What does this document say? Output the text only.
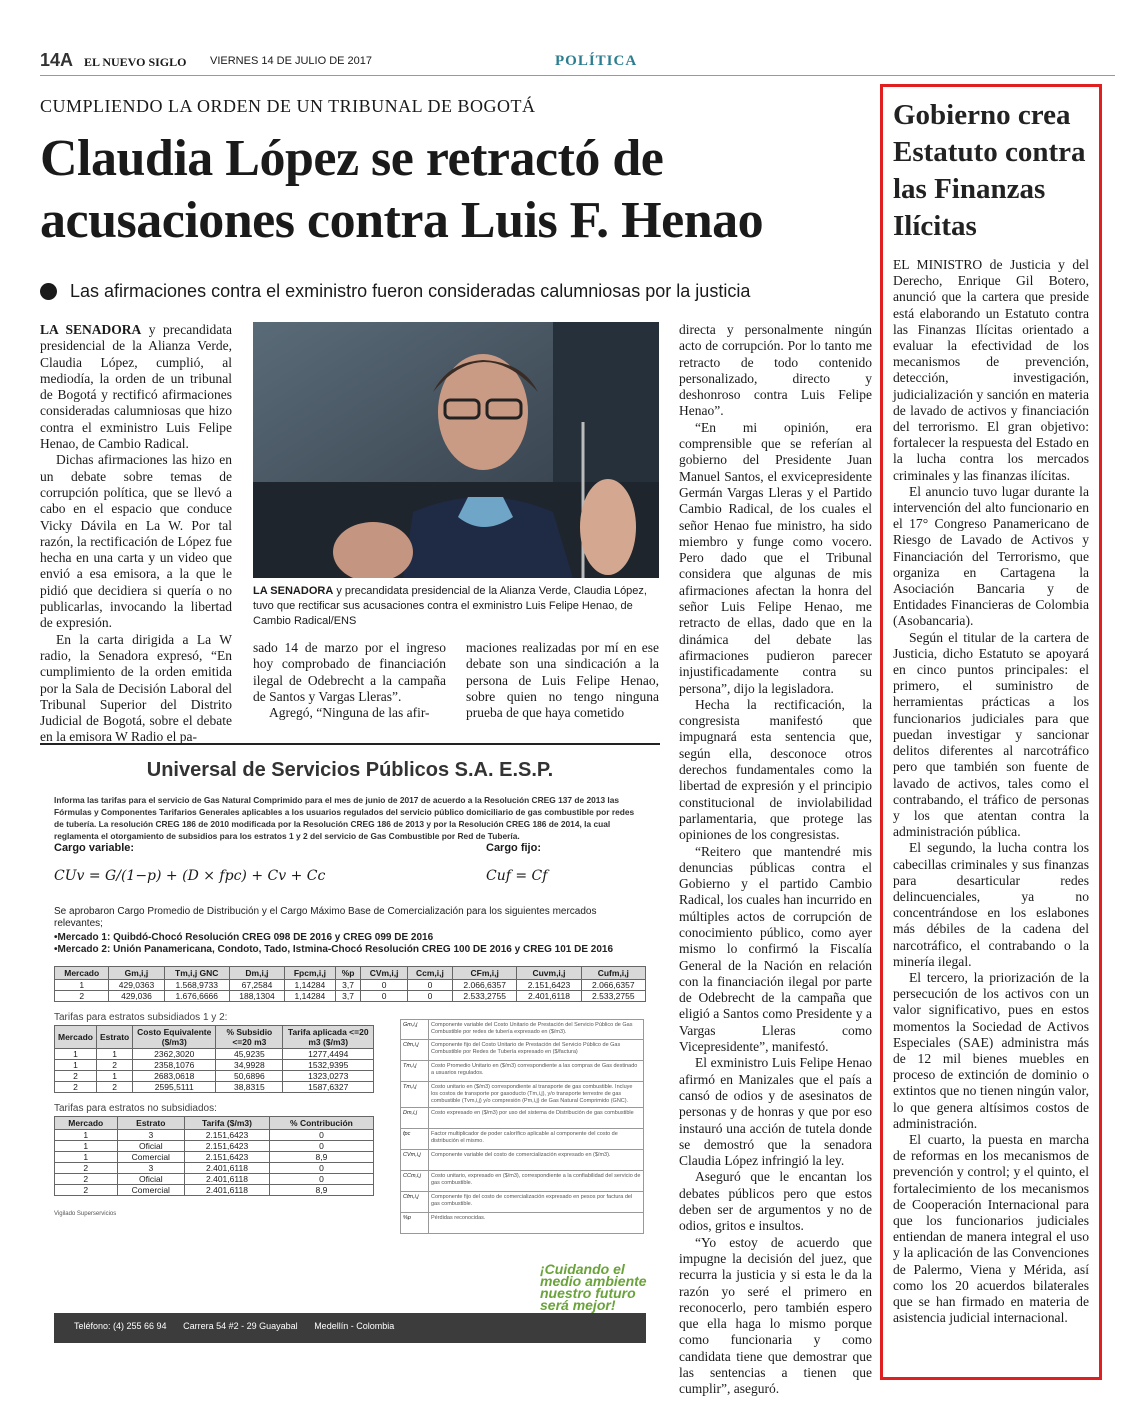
14A EL NUEVO SIGLO VIERNES 14 DE JULIO DE 2017	POLÍTICA
CUMPLIENDO LA ORDEN DE UN TRIBUNAL DE BOGOTÁ
Claudia López se retractó de
acusaciones contra Luis F. Henao
Las afirmaciones contra el exministro fueron consideradas calumniosas por la justicia

LA SENADORA y precandidata presidencial de la Alianza Verde, Claudia López, cumplió, al mediodía, la orden de un tribunal de Bogotá y rectificó afirmaciones consideradas calumniosas que hizo contra el exministro Luis Felipe Henao, de Cambio Radical.

Dichas afirmaciones las hizo en un debate sobre temas de corrupción política, que se llevó a cabo en el espacio que conduce Vicky Dávila en La W. Por tal razón, la rectificación de López fue hecha en una carta y un video que envió a esa emisora, a la que le pidió que decidiera si quería o no publicarlas, invocando la libertad de expresión.

En la carta dirigida a La W radio, la Senadora expresó, “En cumplimiento de la orden emitida por la Sala de Decisión Laboral del Tribunal Superior del Distrito Judicial de Bogotá, sobre el debate en la emisora W Radio el pa-

LA SENADORA y precandidata presidencial de la Alianza Verde, Claudia López, tuvo que rectificar sus acusaciones contra el exministro Luis Felipe Henao, de Cambio Radical/ENS

sado 14 de marzo por el ingreso hoy comprobado de financiación ilegal de Odebrecht a la campaña de Santos y Vargas Lleras”.

Agregó, “Ninguna de las afir-

maciones realizadas por mí en ese debate son una sindicación a la persona de Luis Felipe Henao, sobre quien no tengo ninguna prueba de que haya cometido

directa y personalmente ningún acto de corrupción. Por lo tanto me retracto de todo contenido personalizado, directo y deshonroso contra Luis Felipe Henao”.

“En mi opinión, era comprensible que se referían al gobierno del Presidente Juan Manuel Santos, el exvicepresidente Germán Vargas Lleras y el Partido Cambio Radical, de los cuales el señor Henao fue ministro, ha sido miembro y funge como vocero. Pero dado que el Tribunal considera que algunas de mis afirmaciones afectan la honra del señor Luis Felipe Henao, me retracto de ellas, dado que en la dinámica del debate las afirmaciones pudieron parecer injustificadamente contra su persona”, dijo la legisladora.

Hecha la rectificación, la congresista manifestó que impugnará esta sentencia que, según ella, desconoce otros derechos fundamentales como la libertad de expresión y el principio constitucional de inviolabilidad parlamentaria, que protege las opiniones de los congresistas.

“Reitero que mantendré mis denuncias públicas contra el Gobierno y el partido Cambio Radical, los cuales han incurrido en múltiples actos de corrupción de conocimiento público, como ayer mismo lo confirmó la Fiscalía General de la Nación en relación con la financiación ilegal por parte de Odebrecht de la campaña que eligió a Santos como Presidente y a Vargas Lleras como Vicepresidente”, manifestó.

El exministro Luis Felipe Henao afirmó en Manizales que el país a cansó de odios y de asesinatos de personas y de honras y que por eso instauró una acción de tutela donde se demostró que la senadora Claudia López infringió la ley.

Aseguró que le encantan los debates públicos pero que estos deben ser de argumentos y no de odios, gritos e insultos.

“Yo estoy de acuerdo que impugne la decisión del juez, que recurra la justicia y si esta le da la razón yo seré el primero en reconocerlo, pero también espero que ella haga lo mismo porque como funcionaria y como candidata tiene que demostrar que las sentencias a tienen que cumplir”, aseguró.

Universal de Servicios Públicos S.A. E.S.P.
Informa las tarifas para el servicio de Gas Natural Comprimido para el mes de junio de 2017 de acuerdo a la Resolución CREG 137 de 2013 las Fórmulas y Componentes Tarifarios Generales aplicables a los usuarios regulados del servicio público domiciliario de gas combustible por redes de tubería. La resolución CREG 186 de 2010 modificada por la Resolución CREG 186 de 2013 y por la Resolución CREG 186 de 2014, la cual reglamenta el otorgamiento de subsidios para los estratos 1 y 2 del servicio de Gas Combustible por Red de Tubería.
Cargo variable:	Cargo fijo:
CUv = G/(1−p) + (D × fpc) + Cv + Cc	Cuf = Cf
Se aprobaron Cargo Promedio de Distribución y el Cargo Máximo Base de Comercialización para los siguientes mercados relevantes;
•Mercado 1: Quibdó-Chocó Resolución CREG 098 DE 2016 y CREG 099 DE 2016
•Mercado 2: Unión Panamericana, Condoto, Tado, Istmina-Chocó Resolución CREG 100 DE 2016 y CREG 101 DE 2016
Mercado	Gm,i,j	Tm,i,j GNC	Dm,i,j	Fpcm,i,j	%p	CVm,i,j	Ccm,i,j	CFm,i,j	Cuvm,i,j	Cufm,i,j
1	429,0363	1.568,9733	67,2584	1,14284	3,7	0	0	2.066,6357	2.151,6423	2.066,6357
2	429,036	1.676,6666	188,1304	1,14284	3,7	0	0	2.533,2755	2.401,6118	2.533,2755
Tarifas para estratos subsidiados 1 y 2:
Mercado	Estrato	Costo Equivalente ($/m3)	% Subsidio <=20 m3	Tarifa aplicada <=20 m3 ($/m3)
1	1	2362,3020	45,9235	1277,4494
1	2	2358,1076	34,9928	1532,9395
2	1	2683,0618	50,6896	1323,0273
2	2	2595,5111	38,8315	1587,6327
Tarifas para estratos no subsidiados:
Mercado	Estrato	Tarifa ($/m3)	% Contribución
1	3	2.151,6423	0
1	Oficial	2.151,6423	0
1	Comercial	2.151,6423	8,9
2	3	2.401,6118	0
2	Oficial	2.401,6118	0
2	Comercial	2.401,6118	8,9
Gm,i,j	Componente variable del Costo Unitario de Prestación del Servicio Público de Gas Combustible por redes de tubería expresado en ($/m3).
Cfm,i,j	Componente fijo del Costo Unitario de Prestación del Servicio Público de Gas Combustible por Redes de Tubería expresado en ($/factura)
Tm,i,j	Costo Promedio Unitario en ($/m3) correspondiente a las compras de Gas destinado a usuarios regulados.
Tm,i,j	Costo unitario en ($/m3) correspondiente al transporte de gas combustible. Incluye los costos de transporte por gasoducto (Tm,i,j), y/o transporte terrestre de gas combustible (Tvm,i,j) y/o compresión (Pm,i,j) de Gas Natural Comprimido (GNC).
Dm,i,j	Costo expresado en ($/m3) por uso del sistema de Distribución de gas combustible
fpc	Factor multiplicador de poder calorífico aplicable al componente del costo de distribución el mismo.
CVm,i,j	Componente variable del costo de comercialización expresado en ($/m3).
CCm,i,j	Costo unitario, expresado en ($/m3), correspondiente a la confiabilidad del servicio de gas combustible.
Cfm,i,j	Componente fijo del costo de comercialización expresado en pesos por factura del gas combustible.
%p	Pérdidas reconocidas.
Vigilado Superservicios
¡Cuidando el
medio ambiente
nuestro futuro
será mejor!
Teléfono: (4) 255 66 94 Carrera 54 #2 - 29 Guayabal Medellín - Colombia
Gobierno crea Estatuto contra las Finanzas Ilícitas

EL MINISTRO de Justicia y del Derecho, Enrique Gil Botero, anunció que la cartera que preside está elaborando un Estatuto contra las Finanzas Ilícitas orientado a evaluar la efectividad de los mecanismos de prevención, detección, investigación, judicialización y sanción en materia de lavado de activos y financiación del terrorismo. El gran objetivo: fortalecer la respuesta del Estado en la lucha contra los mercados criminales y las finanzas ilícitas.

El anuncio tuvo lugar durante la intervención del alto funcionario en el 17° Congreso Panamericano de Riesgo de Lavado de Activos y Financiación del Terrorismo, que organiza en Cartagena la Asociación Bancaria y de Entidades Financieras de Colombia (Asobancaria).

Según el titular de la cartera de Justicia, dicho Estatuto se apoyará en cinco puntos principales: el primero, el suministro de herramientas prácticas a los funcionarios judiciales para que puedan investigar y sancionar delitos diferentes al narcotráfico pero que también son fuente de lavado de activos, tales como el contrabando, el tráfico de personas y los que atentan contra la administración pública.

El segundo, la lucha contra los cabecillas criminales y sus finanzas para desarticular redes delincuenciales, ya no concentrándose en los eslabones más débiles de la cadena del narcotráfico, el contrabando o la minería ilegal.

El tercero, la priorización de la persecución de los activos con un valor significativo, pues en estos momentos la Sociedad de Activos Especiales (SAE) administra más de 12 mil bienes muebles en proceso de extinción de dominio o extintos que no tienen ningún valor, lo que genera altísimos costos de administración.

El cuarto, la puesta en marcha de reformas en los mecanismos de prevención y control; y el quinto, el fortalecimiento de los mecanismos de Cooperación Internacional para que los funcionarios judiciales entiendan de manera integral el uso y la aplicación de las Convenciones de Palermo, Viena y Mérida, así como los 20 acuerdos bilaterales que se han firmado en materia de asistencia judicial internacional.
